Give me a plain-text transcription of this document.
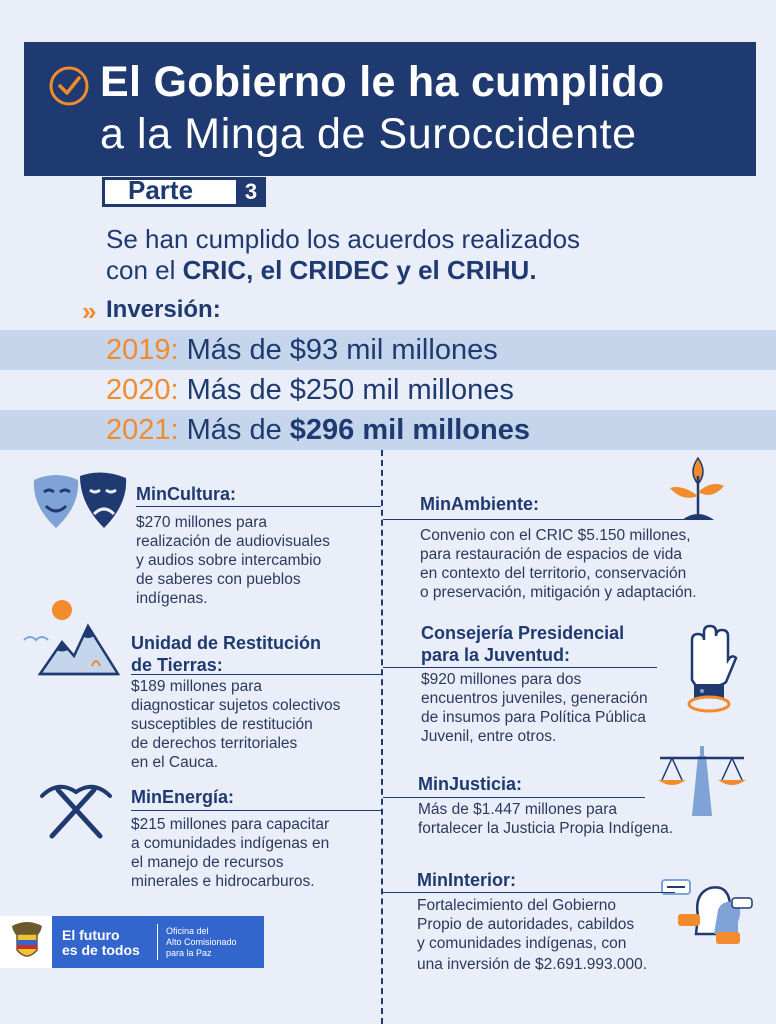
El Gobierno le ha cumplido
a la Minga de Suroccidente
Parte	3
Se han cumplido los acuerdos realizados
con el CRIC, el CRIDEC y el CRIHU.
» Inversión:
2019: Más de $93 mil millones
2020: Más de $250 mil millones
2021: Más de $296 mil millones
MinCultura:
$270 millones para
realización de audiovisuales
y audios sobre intercambio
de saberes con pueblos
indígenas.
Unidad de Restitución
de Tierras:
$189 millones para
diagnosticar sujetos colectivos
susceptibles de restitución
de derechos territoriales
en el Cauca.
MinEnergía:
$215 millones para capacitar
a comunidades indígenas en
el manejo de recursos
minerales e hidrocarburos.
MinAmbiente:
Convenio con el CRIC $5.150 millones,
para restauración de espacios de vida
en contexto del territorio, conservación
o preservación, mitigación y adaptación.
Consejería Presidencial
para la Juventud:
$920 millones para dos
encuentros juveniles, generación
de insumos para Política Pública
Juvenil, entre otros.
MinJusticia:
Más de $1.447 millones para
fortalecer la Justicia Propia Indígena.
MinInterior:
Fortalecimiento del Gobierno
Propio de autoridades, cabildos
y comunidades indígenas, con
una inversión de $2.691.993.000.
El futuro
es de todos
Oficina del
Alto Comisionado
para la Paz
